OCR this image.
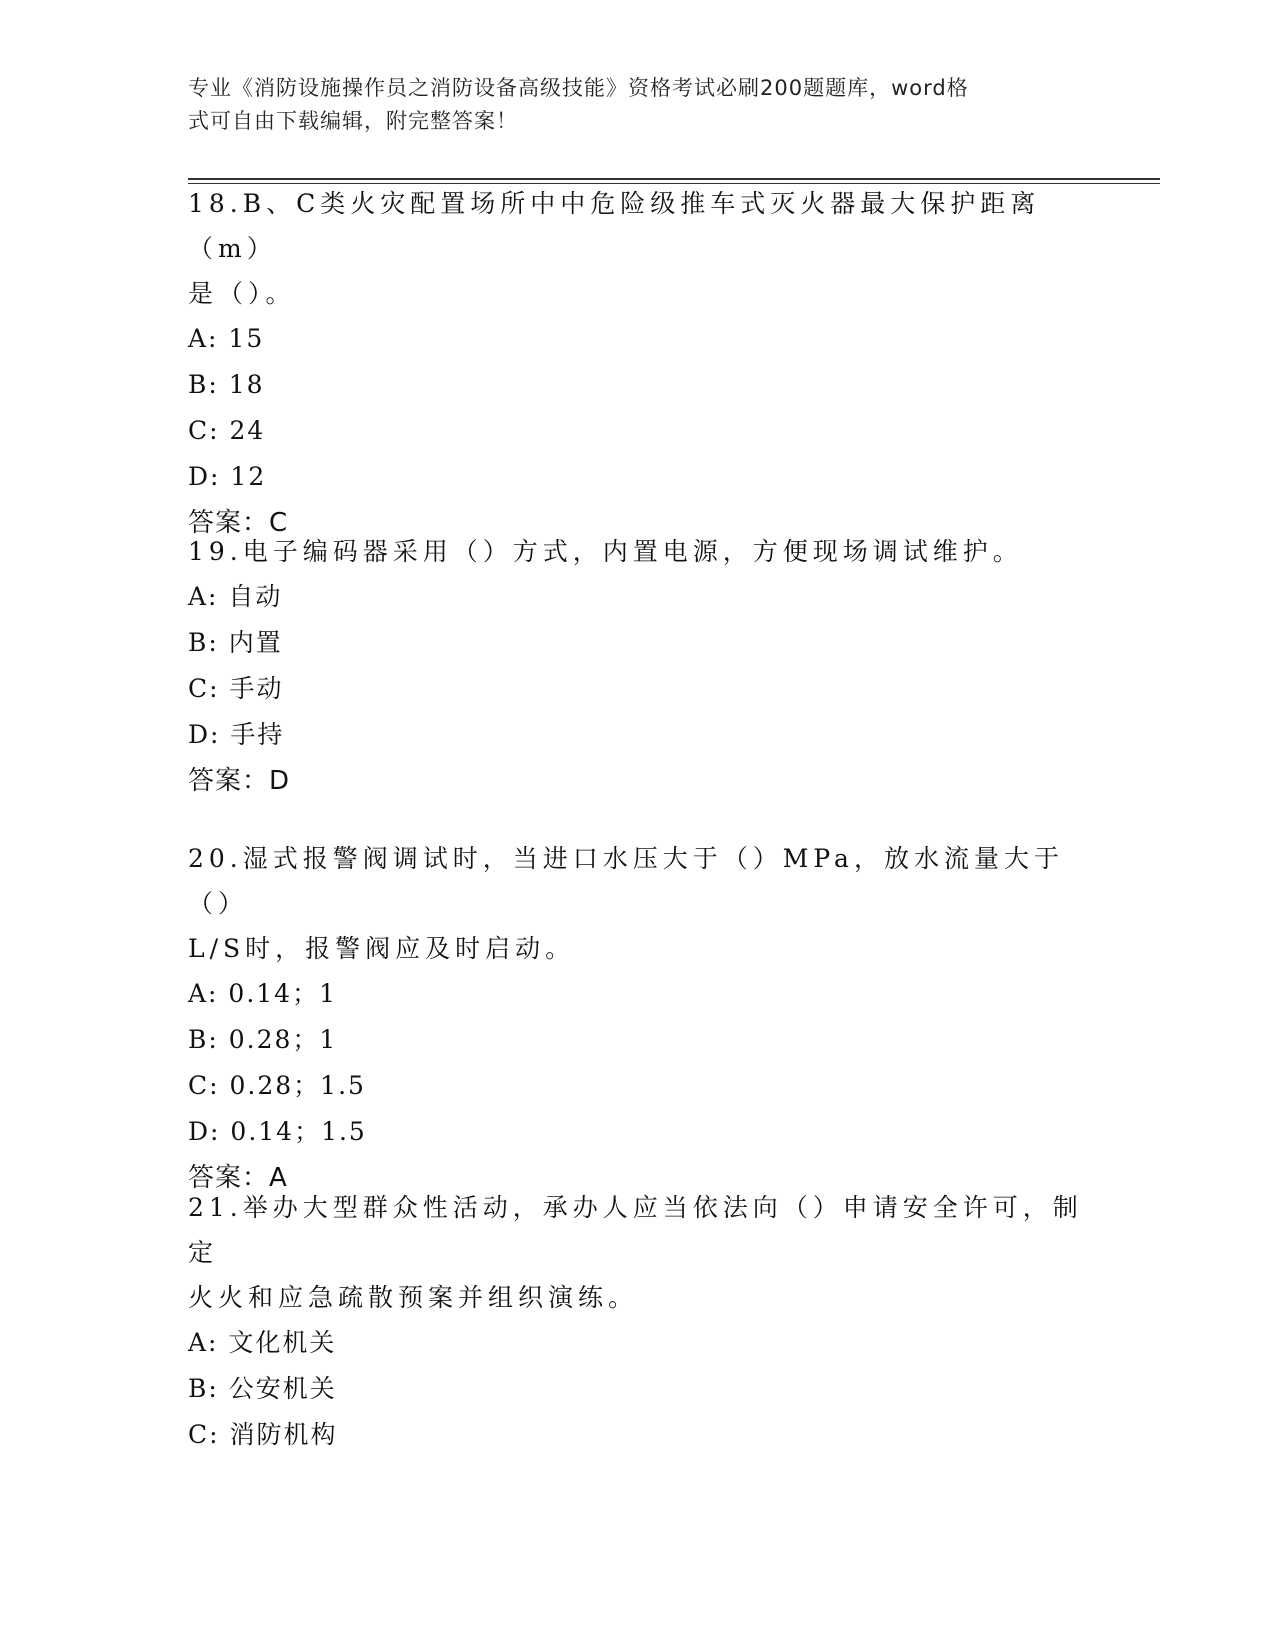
专业《消防设施操作员之消防设备高级技能》资格考试必刷200题题库，word格
式可自由下载编辑，附完整答案！
18.B、C类火灾配置场所中中危险级推车式灭火器最大保护距离（m）
是（）。
A: 15
B: 18
C: 24
D: 12
答案：C
19.电子编码器采用（）方式，内置电源，方便现场调试维护。
A: 自动
B: 内置
C: 手动
D: 手持
答案：D
20.湿式报警阀调试时，当进口水压大于（）MPa，放水流量大于（）
L/S时，报警阀应及时启动。
A: 0.14；1
B: 0.28；1
C: 0.28；1.5
D: 0.14；1.5
答案：A
21.举办大型群众性活动，承办人应当依法向（）申请安全许可，制定
火火和应急疏散预案并组织演练。
A: 文化机关
B: 公安机关
C: 消防机构
